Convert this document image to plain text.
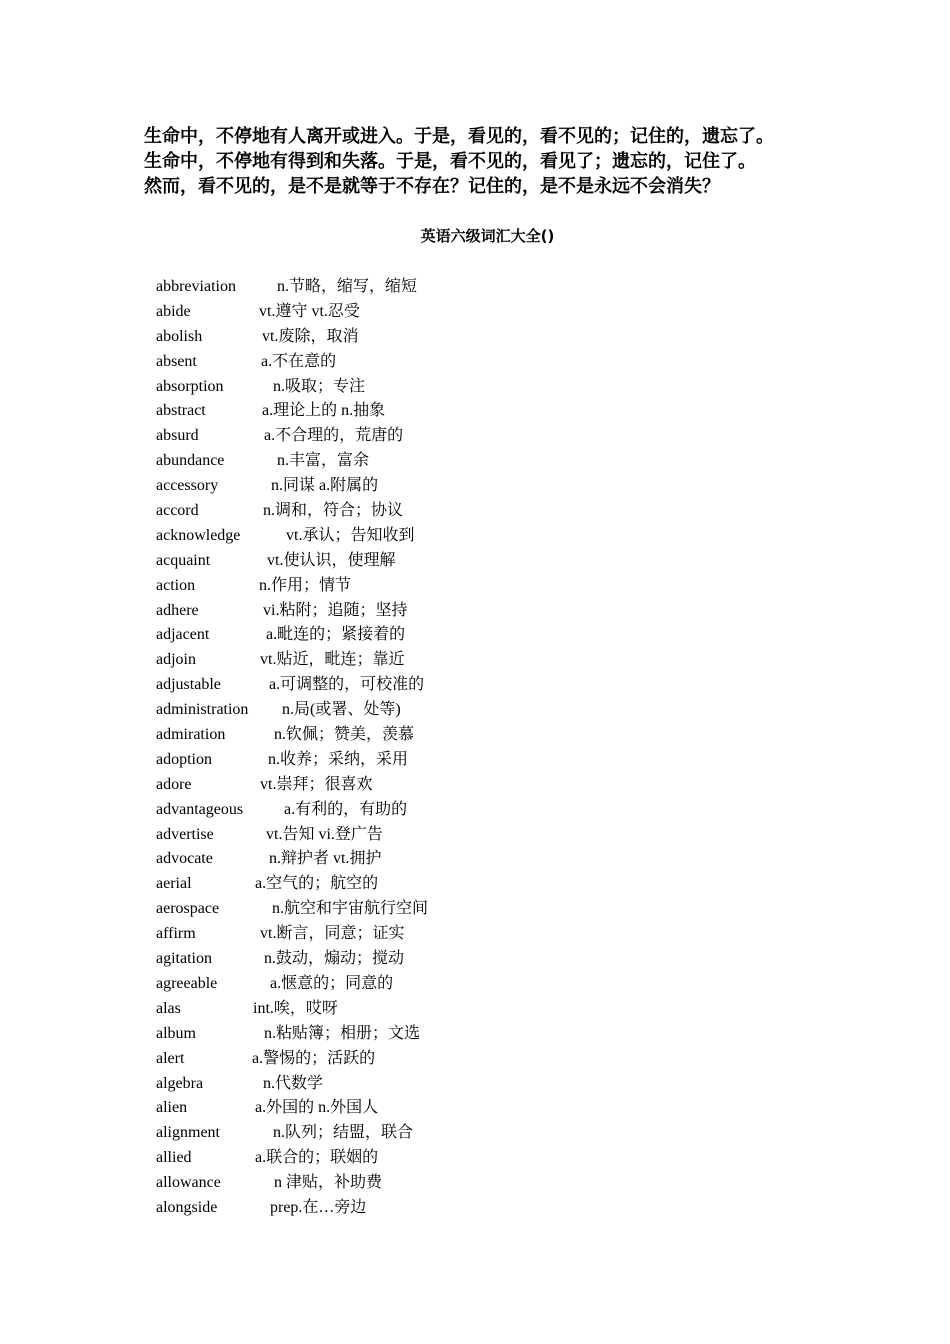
生命中，不停地有人离开或进入。于是，看见的，看不见的；记住的，遗忘了。

生命中，不停地有得到和失落。于是，看不见的，看见了；遗忘的，记住了。

然而，看不见的，是不是就等于不存在？记住的，是不是永远不会消失？

英语六级词汇大全()
abbreviation	n.节略，缩写，缩短
abide	vt.遵守 vt.忍受
abolish	vt.废除，取消
absent	a.不在意的
absorption	n.吸取；专注
abstract	a.理论上的 n.抽象
absurd	a.不合理的，荒唐的
abundance	n.丰富，富余
accessory	n.同谋 a.附属的
accord	n.调和，符合；协议
acknowledge	vt.承认；告知收到
acquaint	vt.使认识，使理解
action	n.作用；情节
adhere	vi.粘附；追随；坚持
adjacent	a.毗连的；紧接着的
adjoin	vt.贴近，毗连；靠近
adjustable	a.可调整的，可校准的
administration n.局(或署、处等)
admiration	n.钦佩；赞美，羡慕
adoption	n.收养；采纳，采用
adore	vt.崇拜；很喜欢
advantageous	a.有利的，有助的
advertise	vt.告知 vi.登广告
advocate	n.辩护者 vt.拥护
aerial	a.空气的；航空的
aerospace	n.航空和宇宙航行空间
affirm	vt.断言，同意；证实
agitation	n.鼓动，煽动；搅动
agreeable	a.惬意的；同意的
alas	int.唉，哎呀
album	n.粘贴簿；相册；文选
alert	a.警惕的；活跃的
algebra	n.代数学
alien	a.外国的 n.外国人
alignment	n.队列；结盟，联合
allied	a.联合的；联姻的
allowance	n 津贴，补助费
alongside	prep.在…旁边
